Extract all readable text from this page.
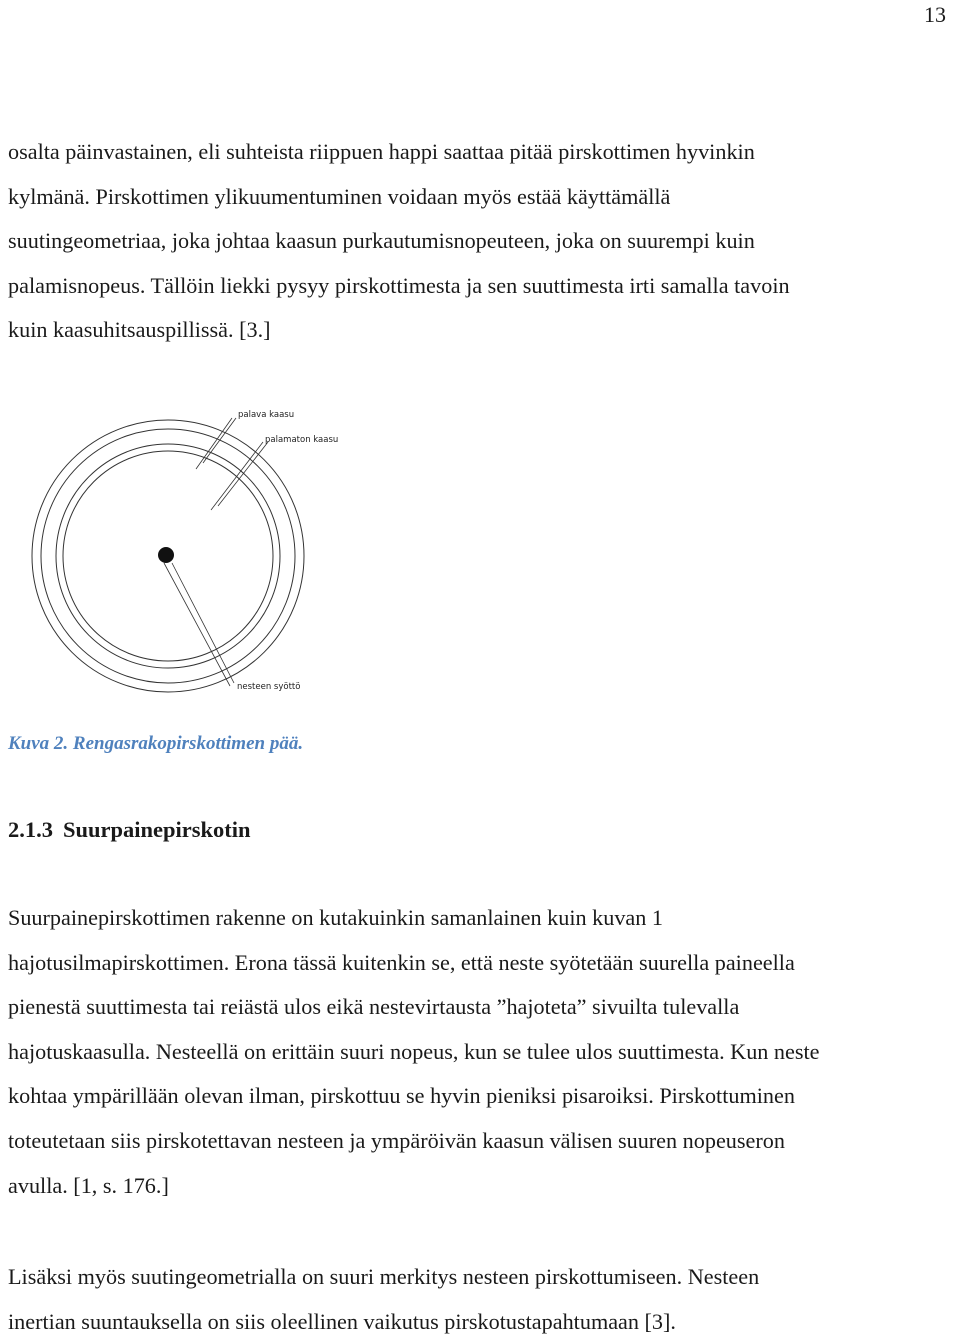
13
osalta päinvastainen, eli suhteista riippuen happi saattaa pitää pirskottimen hyvinkin
kylmänä. Pirskottimen ylikuumentuminen voidaan myös estää käyttämällä
suutingeometriaa, joka johtaa kaasun purkautumisnopeuteen, joka on suurempi kuin
palamisnopeus. Tällöin liekki pysyy pirskottimesta ja sen suuttimesta irti samalla tavoin
kuin kaasuhitsauspillissä. [3.]
palava kaasu
palamaton kaasu
nesteen syöttö
Kuva 2. Rengasrakopirskottimen pää.
2.1.3 Suurpainepirskotin
Suurpainepirskottimen rakenne on kutakuinkin samanlainen kuin kuvan 1
hajotusilmapirskottimen. Erona tässä kuitenkin se, että neste syötetään suurella paineella
pienestä suuttimesta tai reiästä ulos eikä nestevirtausta ”hajoteta” sivuilta tulevalla
hajotuskaasulla. Nesteellä on erittäin suuri nopeus, kun se tulee ulos suuttimesta. Kun neste
kohtaa ympärillään olevan ilman, pirskottuu se hyvin pieniksi pisaroiksi. Pirskottuminen
toteutetaan siis pirskotettavan nesteen ja ympäröivän kaasun välisen suuren nopeuseron
avulla. [1, s. 176.]
Lisäksi myös suutingeometrialla on suuri merkitys nesteen pirskottumiseen. Nesteen
inertian suuntauksella on siis oleellinen vaikutus pirskotustapahtumaan [3].
